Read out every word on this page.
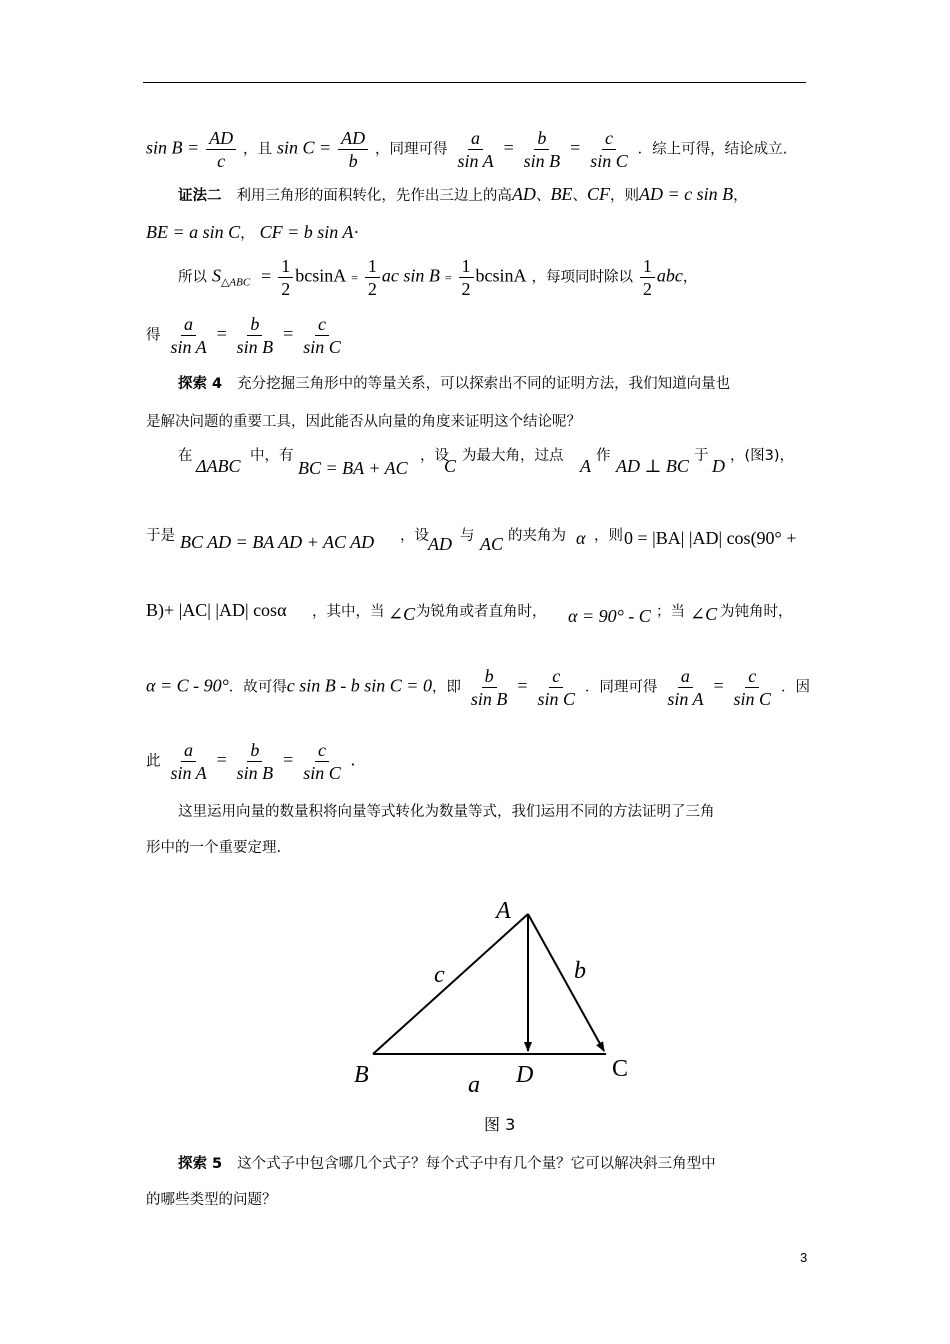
$\sin B = \frac{AD}{c}$ ，且 $\sin C = \frac{AD}{b}$ ，同理可得 $\frac{a}{\text{sin A}} = \frac{b}{\text{sin B}} = \frac{c}{\text{sin C}}$ ．综上可得，结论成立.
证法二 利用三角形的面积转化，先作出三边上的高AD、BE、CF，则AD = c sin B，
BE = a sin C， CF = b sin A·
所以 $S_{\triangle ABC} = \frac{1}{2}$ $bcsinA = \frac{1}{2}$ ac $\sin B = \frac{1}{2}$ bcsinA ，每项同时除以 $\frac{1}{2}$ abc，
得 $\frac{a}{\text{sin A}} = \frac{b}{\text{sin B}} = \frac{c}{\text{sin C}}$
探索 4 充分挖掘三角形中的等量关系，可以探索出不同的证明方法，我们知道向量也
是解决问题的重要工具，因此能否从向量的角度来证明这个结论呢？
在 ΔABC 中，有
BC = BA + AC
，设
C 为最大角，过点 A 作 AD ⊥ BC 于 D ，(图3)，
于是 BC AD = BA AD + AC AD ，设 AD 与 AC 的夹角为 α ，则 0 = |BA| |AD| cos(90° +
B)+ |AC| |AD| cosα ，其中，当 ∠C 为锐角或者直角时， α = 90° - C ；当 ∠C 为钝角时，
α = C - 90°．故可得c sin B - b sin C = 0，即 $\frac{b}{\text{sin B}} = \frac{c}{\text{sin C}}$ ．同理可得 $\frac{a}{\text{sin A}} = \frac{c}{\text{sin C}}$ ．因
此 $\frac{a}{\text{sin A}} = \frac{b}{\text{sin B}} = \frac{c}{\text{sin C}}$ .
这里运用向量的数量积将向量等式转化为数量等式，我们运用不同的方法证明了三角
形中的一个重要定理.
A
B	C
D
a
b
c
图 3
探索 5 这个式子中包含哪几个式子？每个式子中有几个量？它可以解决斜三角型中
的哪些类型的问题？
3
